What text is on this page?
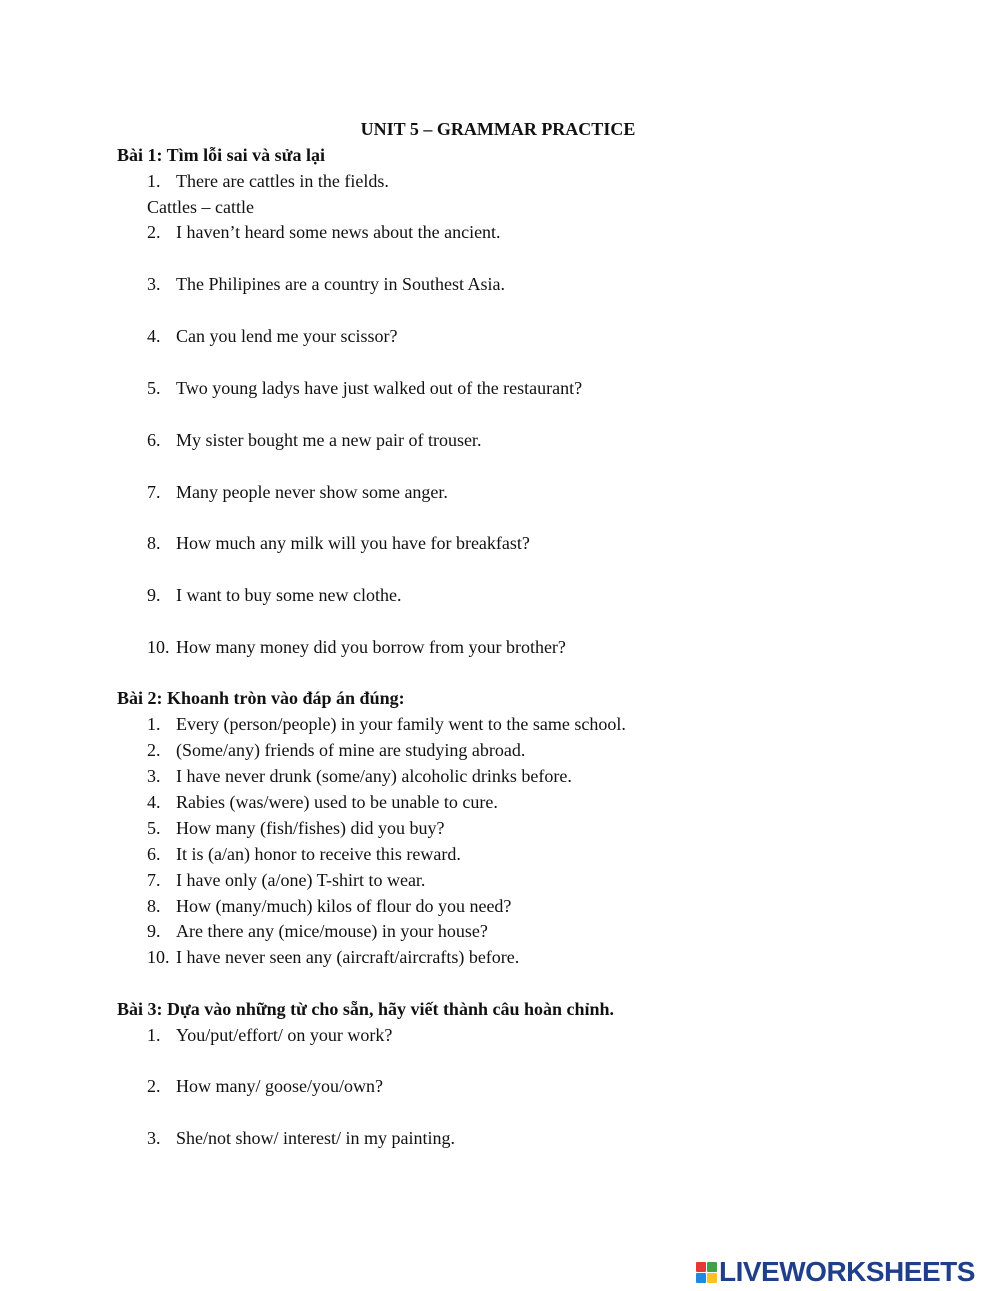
UNIT 5 – GRAMMAR PRACTICE
Bài 1: Tìm lỗi sai và sửa lại
1. There are cattles in the fields.
Cattles – cattle
2. I haven’t heard some news about the ancient.
3. The Philipines are a country in Southest Asia.
4. Can you lend me your scissor?
5. Two young ladys have just walked out of the restaurant?
6. My sister bought me a new pair of trouser.
7. Many people never show some anger.
8. How much any milk will you have for breakfast?
9. I want to buy some new clothe.
10. How many money did you borrow from your brother?
Bài 2: Khoanh tròn vào đáp án đúng:
1. Every (person/people) in your family went to the same school.
2. (Some/any) friends of mine are studying abroad.
3. I have never drunk (some/any) alcoholic drinks before.
4. Rabies (was/were) used to be unable to cure.
5. How many (fish/fishes) did you buy?
6. It is (a/an) honor to receive this reward.
7. I have only (a/one) T-shirt to wear.
8. How (many/much) kilos of flour do you need?
9. Are there any (mice/mouse) in your house?
10. I have never seen any (aircraft/aircrafts) before.
Bài 3: Dựa vào những từ cho sẵn, hãy viết thành câu hoàn chỉnh.
1. You/put/effort/ on your work?
2. How many/ goose/you/own?
3. She/not show/ interest/ in my painting.
LIVEWORKSHEETS
